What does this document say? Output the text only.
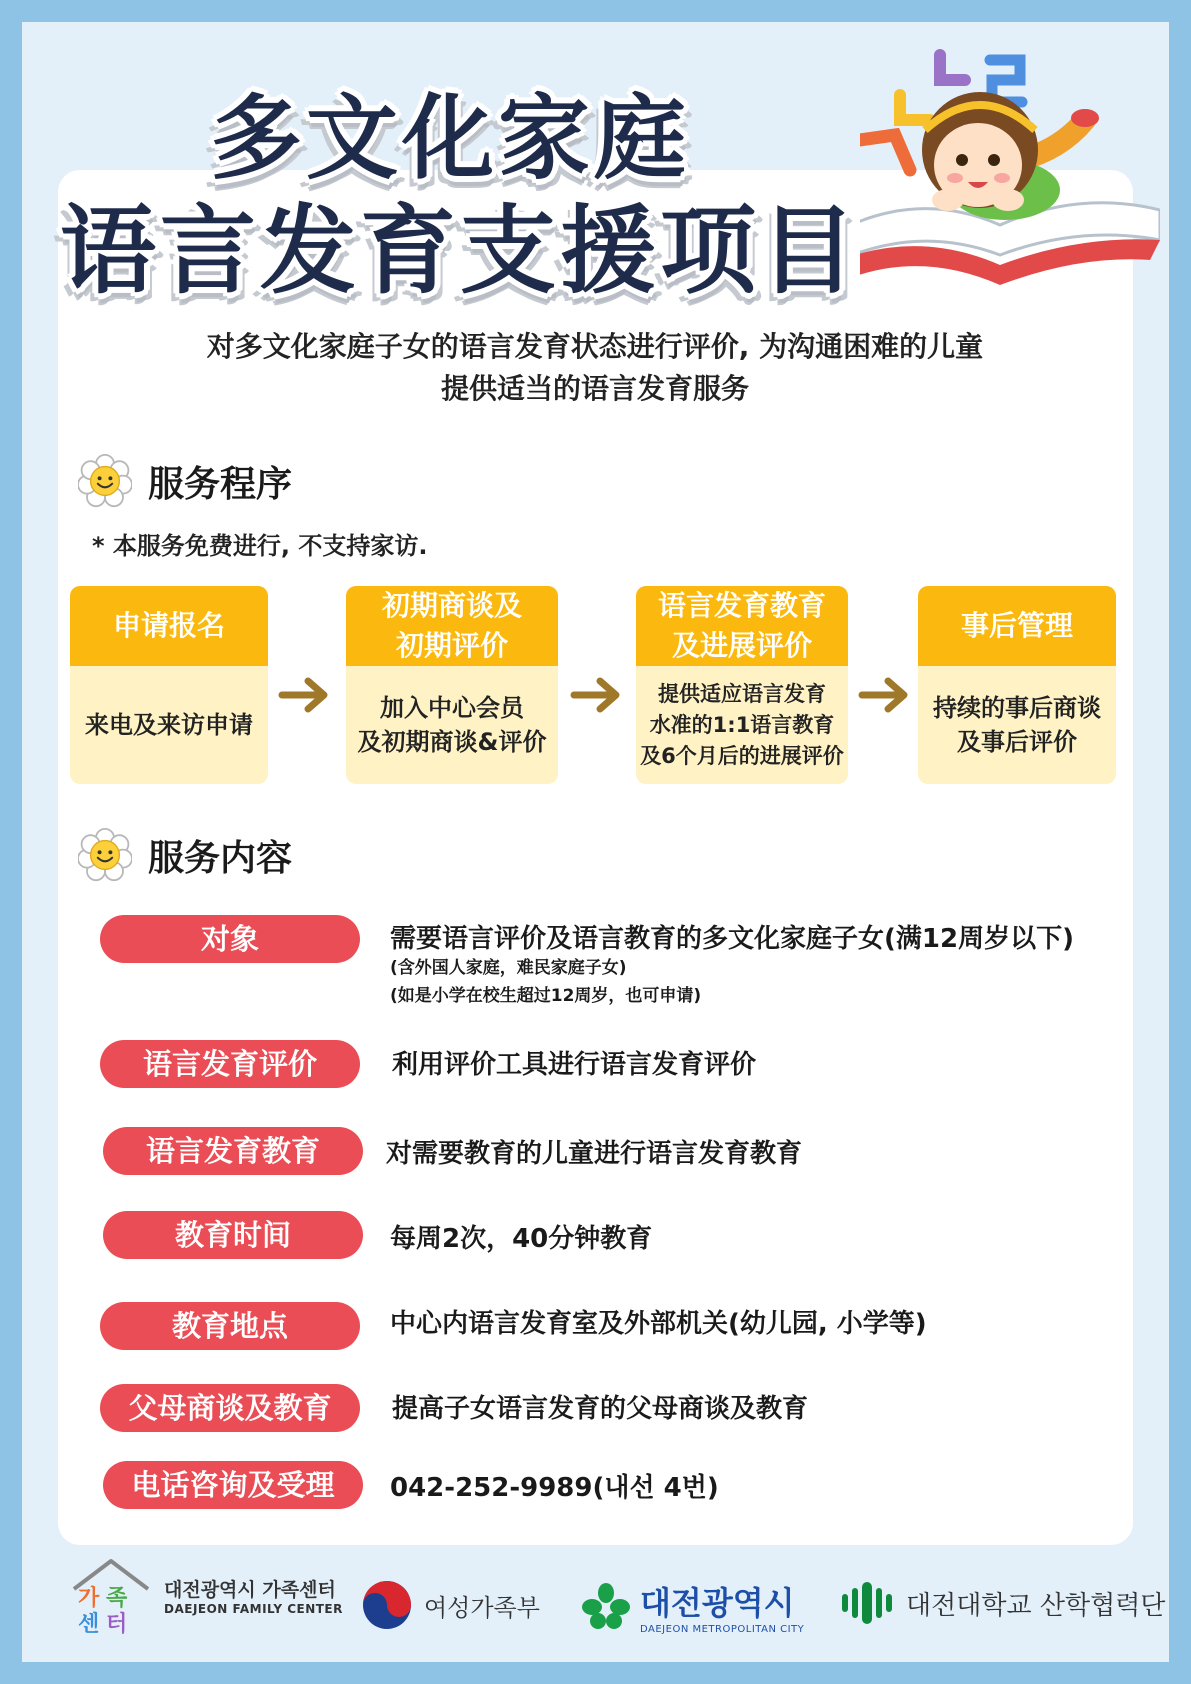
多文化家庭
语言发育支援项目
对多文化家庭子女的语言发育状态进行评价, 为沟通困难的儿童
提供适当的语言发育服务
服务程序
* 本服务免费进行, 不支持家访.
申请报名
来电及来访申请
初期商谈及
初期评价
加入中心会员
及初期商谈&评价
语言发育教育
及进展评价
提供适应语言发育
水准的1:1语言教育
及6个月后的进展评价
事后管理
持续的事后商谈
及事后评价
服务内容
对象	需要语言评价及语言教育的多文化家庭子女(满12周岁以下)
(含外国人家庭，难民家庭子女)
(如是小学在校生超过12周岁，也可申请)
语言发育评价	利用评价工具进行语言发育评价
语言发育教育	对需要教育的儿童进行语言发育教育
教育时间	每周2次，40分钟教育
教育地点	中心内语言发育室及外部机关(幼儿园, 小学等)
父母商谈及教育	提高子女语言发育的父母商谈及教育
电话咨询及受理	042-252-9989(내선 4번)
가 족
센 터
대전광역시 가족센터
DAEJEON FAMILY CENTER	여성가족부	대전광역시
DAEJEON METROPOLITAN CITY
대전대학교 산학협력단
